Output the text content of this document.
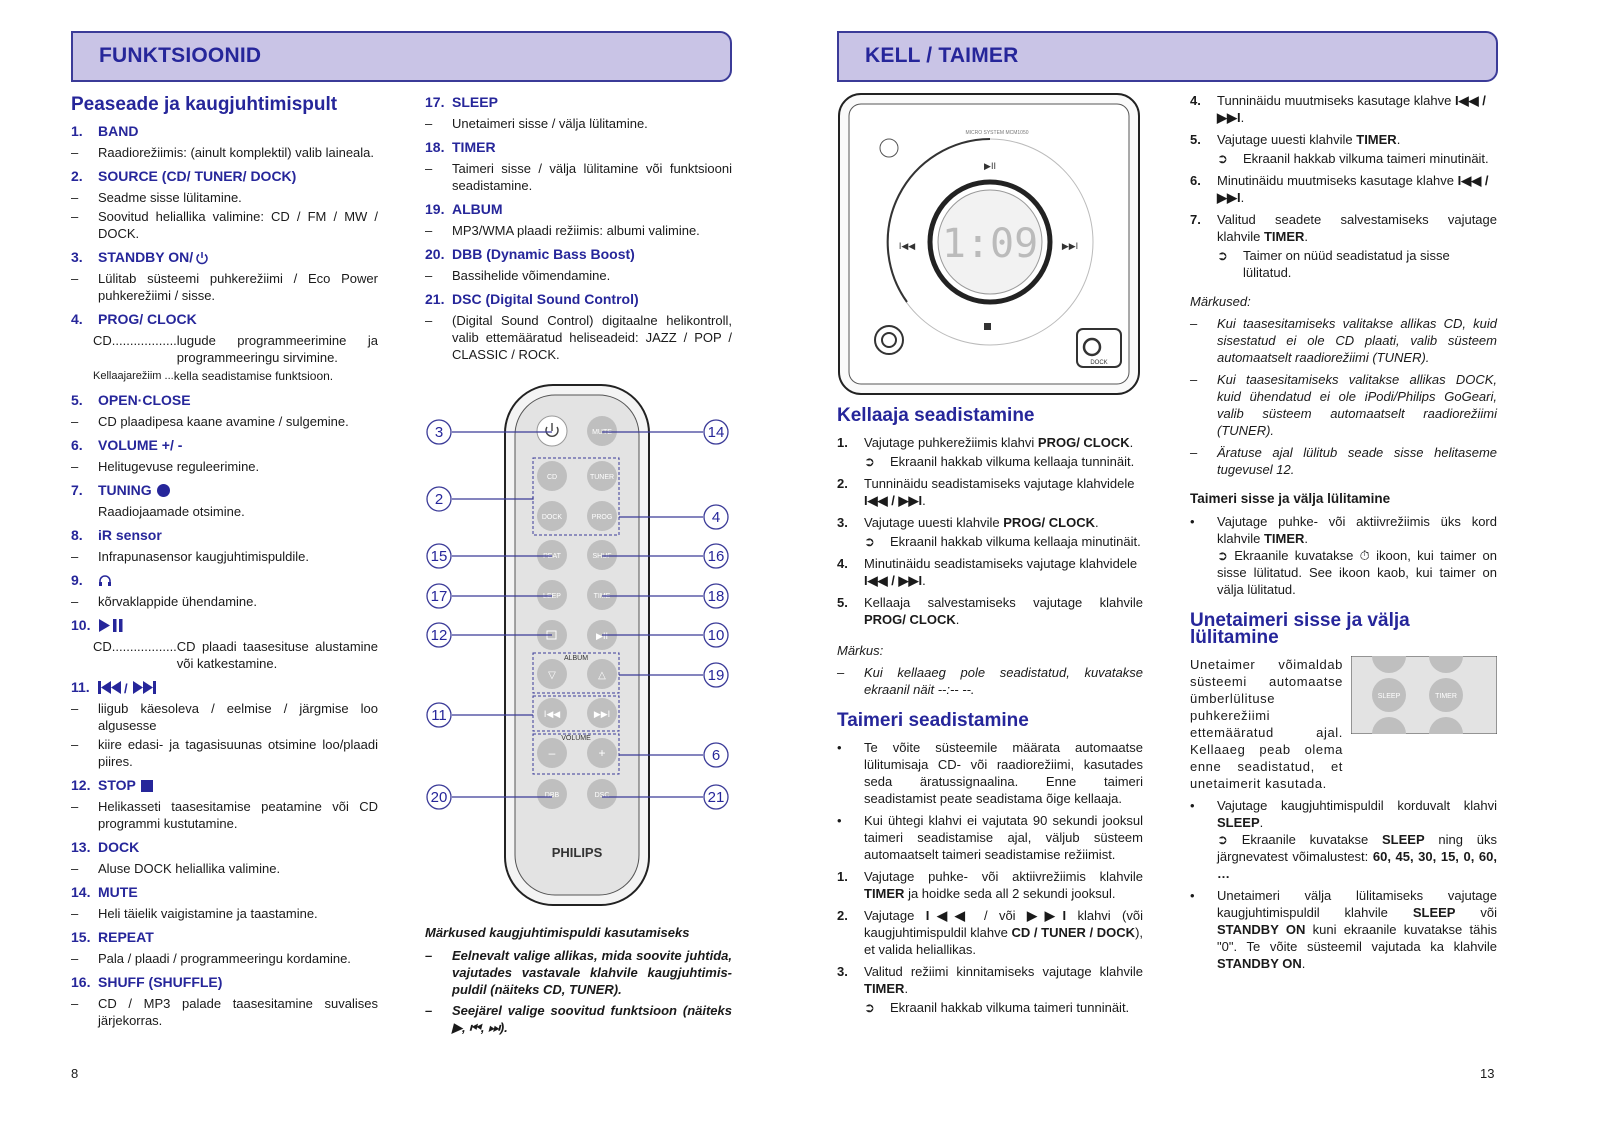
FUNKTSIOONID	KELL / TAIMER
Peaseade ja kaugjuhtimispult
1.	BAND
–	Raadiorežiimis: (ainult komplektil) valib laineala.
2.	SOURCE (CD/ TUNER/ DOCK)
–	Seadme sisse lülitamine.
–	Soovitud heliallika valimine: CD / FM / MW / DOCK.
3.	STANDBY ON/
–	Lülitab süsteemi puhkerežiimi / Eco Power puhkerežiimi / sisse.
4.	PROG/ CLOCK
CD.................. lugude programmeerimine ja programmeeringu sirvimine.
Kellaajarežiim ... kella seadistamise funktsioon.
5.	OPEN·CLOSE
–	CD plaadipesa kaane avamine / sulgemine.
6.	VOLUME +/ -
–	Helitugevuse reguleerimine.
7.	TUNING
Raadiojaamade otsimine.
8.	iR sensor
–	Infrapunasensor kaugjuhtimispuldile.
9.
–	kõrvaklappide ühendamine.
10.
CD.................. CD plaadi taasesituse alustamine või katkestamine.
11.	/
–	liigub käesoleva / eelmise / järgmise loo algusesse
–	kiire edasi- ja tagasisuunas otsimine loo/plaadi piires.
12. STOP
–	Helikasseti taasesitamise peatamine või CD programmi kustutamine.
13. DOCK
–	Aluse DOCK heliallika valimine.
14. MUTE
–	Heli täielik vaigistamine ja taastamine.
15. REPEAT
–	Pala / plaadi / programmeeringu kordamine.
16. SHUFF (SHUFFLE)
–	CD / MP3 palade taasesitamine suvalises järjekorras.
17. SLEEP
–	Unetaimeri sisse / välja lülitamine.
18. TIMER
–	Taimeri sisse / välja lülitamine või funktsiooni seadistamine.
19. ALBUM
–	MP3/WMA plaadi režiimis: albumi valimine.
20. DBB (Dynamic Bass Boost)
–	Bassihelide võimendamine.
21. DSC (Digital Sound Control)
–	(Digital Sound Control) digitaalne helikontroll, valib ettemääratud heliseadeid: JAZZ / POP / CLASSIC / ROCK.
MUTE
CD	TUNER
DOCK	PROG
PEAT	SHUF
LEEP	TIME
▶II
ALBUM
▽	△
I◀◀	▶▶I
VOLUME
–	+
DBB	DSC
PHILIPS
3
2
15
17
12
11
20
14
4
16
18
10
19
6
21
Märkused kaugjuhtimispuldi kasutamiseks
–	Eelnevalt valige allikas, mida soovite juhtida, vajutades vastavale klahvile kaugjuhtimis-puldil (näiteks CD, TUNER).
–	Seejärel valige soovitud funktsioon (näiteks ▶, ⏮, ⏭).
8
MICRO SYSTEM MCM1050
1:09
▶II
I◀◀	▶▶I
DOCK
Kellaaja seadistamine
1.	Vajutage puhkerežiimis klahvi PROG/ CLOCK.
➲	Ekraanil hakkab vilkuma kellaaja tunninäit.
2.	Tunninäidu seadistamiseks vajutage klahvidele
I◀◀ / ▶▶I.
3.	Vajutage uuesti klahvile PROG/ CLOCK.
➲	Ekraanil hakkab vilkuma kellaaja minutinäit.
4.	Minutinäidu seadistamiseks vajutage klahvidele
I◀◀ / ▶▶I.
5.	Kellaaja salvestamiseks vajutage klahvile PROG/ CLOCK.
Märkus:
–	Kui kellaaeg pole seadistatud, kuvatakse ekraanil näit --:-- --.
Taimeri seadistamine
•	Te võite süsteemile määrata automaatse lülitumisaja CD- või raadiorežiimi, kasutades seda äratussignaalina. Enne taimeri seadistamist peate seadistama õige kellaaja.
•	Kui ühtegi klahvi ei vajutata 90 sekundi jooksul taimeri seadistamise ajal, väljub süsteem automaatselt taimeri seadistamise režiimist.
1.	Vajutage puhke- või aktiivrežiimis klahvile TIMER ja hoidke seda all 2 sekundi jooksul.
2.	Vajutage I◀◀ / või ▶▶I klahvi (või kaugjuhtimispuldil klahve CD / TUNER / DOCK), et valida heliallikas.
3.	Valitud režiimi kinnitamiseks vajutage klahvile TIMER.
➲	Ekraanil hakkab vilkuma taimeri tunninäit.
4.	Tunninäidu muutmiseks kasutage klahve I◀◀ /
▶▶I.
5.	Vajutage uuesti klahvile TIMER.
➲	Ekraanil hakkab vilkuma taimeri minutinäit.
6.	Minutinäidu muutmiseks kasutage klahve I◀◀ /
▶▶I.
7.	Valitud seadete salvestamiseks vajutage klahvile TIMER.
➲	Taimer on nüüd seadistatud ja sisse lülitatud.
Märkused:
–	Kui taasesitamiseks valitakse allikas CD, kuid sisestatud ei ole CD plaati, valib süsteem automaatselt raadiorežiimi (TUNER).
–	Kui taasesitamiseks valitakse allikas DOCK, kuid ühendatud ei ole iPodi/Philips GoGeari, valib süsteem automaatselt raadiorežiimi (TUNER).
–	Äratuse ajal lülitub seade sisse helitaseme tugevusel 12.
Taimeri sisse ja välja lülitamine
•	Vajutage puhke- või aktiivrežiimis üks kord klahvile TIMER.
➲ Ekraanile kuvatakse ⏱ ikoon, kui taimer on sisse lülitatud. See ikoon kaob, kui taimer on välja lülitatud.
Unetaimeri sisse ja välja lülitamine
Unetaimer võimaldab süsteemi automaatse ümberlülituse puhkerežiimi ettemääratud ajal. Kellaaeg peab olema enne seadistatud, et unetaimerit kasutada.
SLEEP	TIMER
•	Vajutage kaugjuhtimispuldil korduvalt klahvi SLEEP.
➲ Ekraanile kuvatakse SLEEP ning üks järgnevatest võimalustest: 60, 45, 30, 15, 0, 60, …
•	Unetaimeri välja lülitamiseks vajutage kaugjuhtimispuldil klahvile SLEEP või STANDBY ON kuni ekraanile kuvatakse tähis "0". Te võite süsteemil vajutada ka klahvile STANDBY ON.
13
